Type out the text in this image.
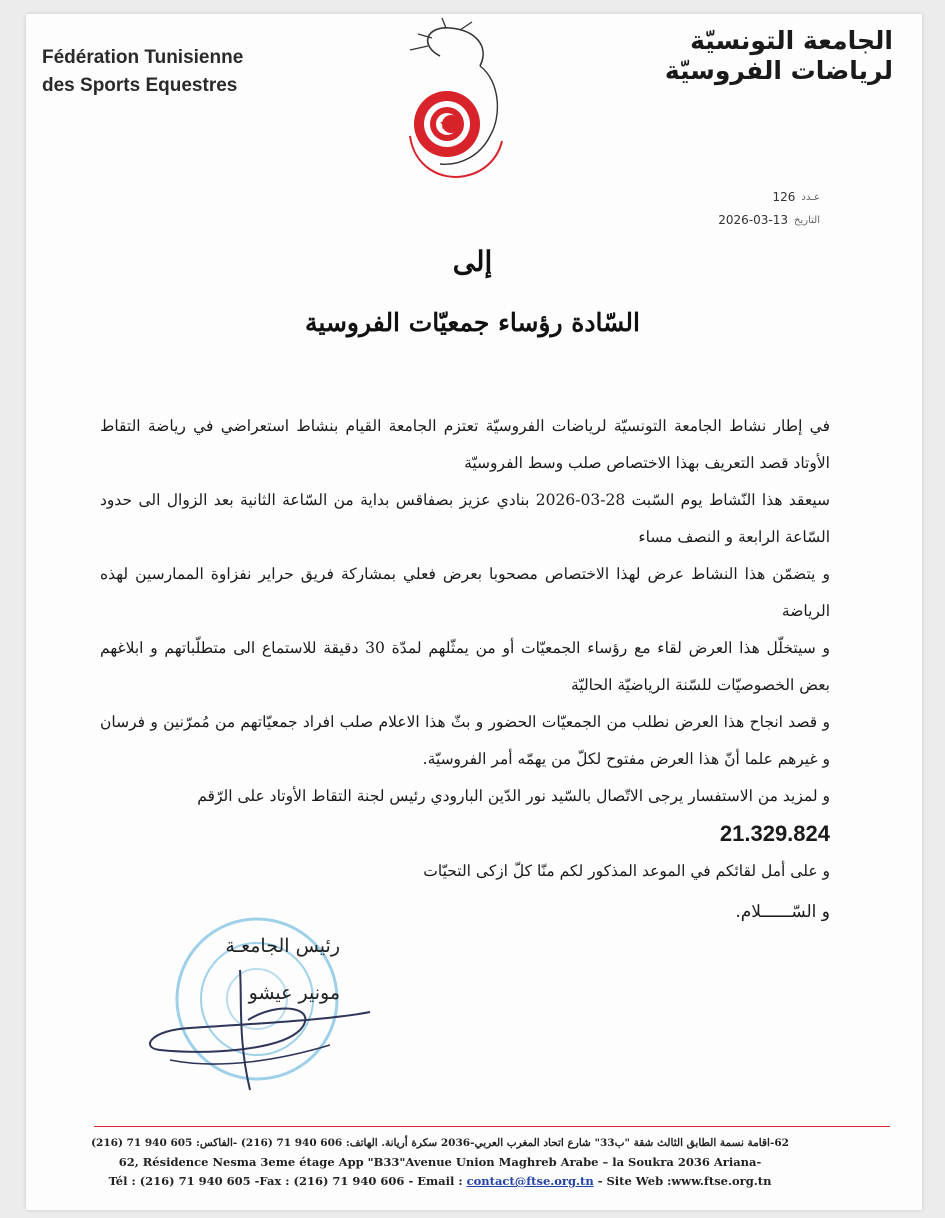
Fédération Tunisienne
des Sports Equestres
الجامعة التونسيّة
لرياضات الفروسيّة
126 عـدد
2026-03-13 التاريخ
إلى
السّادة رؤساء جمعيّات الفروسية

في إطار نشاط الجامعة التونسيّة لرياضات الفروسيّة تعتزم الجامعة القيام بنشاط استعراضي في رياضة التقاط الأوتاد قصد التعريف بهذا الاختصاص صلب وسط الفروسيّة

سيعقد هذا النّشاط يوم السّبت 28-03-2026 بنادي عزيز بصفاقس بداية من السّاعة الثانية بعد الزوال الى حدود السّاعة الرابعة و النصف مساء

و يتضمّن هذا النشاط عرض لهذا الاختصاص مصحوبا بعرض فعلي بمشاركة فريق حراير نفزاوة الممارسين لهذه الرياضة

و سيتخلّل هذا العرض لقاء مع رؤساء الجمعيّات أو من يمثّلهم لمدّة 30 دقيقة للاستماع الى متطلّباتهم و ابلاغهم بعض الخصوصيّات للسّنة الرياضيّة الحاليّة

و قصد انجاح هذا العرض نطلب من الجمعيّات الحضور و بثّ هذا الاعلام صلب افراد جمعيّاتهم من مُمرّنين و فرسان و غيرهم علما أنّ هذا العرض مفتوح لكلّ من يهمّه أمر الفروسيّة.

و لمزيد من الاستفسار يرجى الاتّصال بالسّيد نور الدّين البارودي رئيس لجنة التقاط الأوتاد على الرّقم

21.329.824

و على أمل لقائكم في الموعد المذكور لكم منّا كلّ ازكى التحيّات

و السّــــــلام.

رئيس الجامعـة
مونير عيشو
62-اقامة نسمة الطابق الثالث شقة "ب33" شارع اتحاد المغرب العربي-2036 سكرة أريانة. الهاتف: 606 940 71 (216) -الفاكس: 605 940 71 (216)
62, Résidence Nesma 3eme étage App "B33"Avenue Union Maghreb Arabe – la Soukra 2036 Ariana-
Tél : (216) 71 940 605 -Fax : (216) 71 940 606 - Email : contact@ftse.org.tn - Site Web :www.ftse.org.tn
